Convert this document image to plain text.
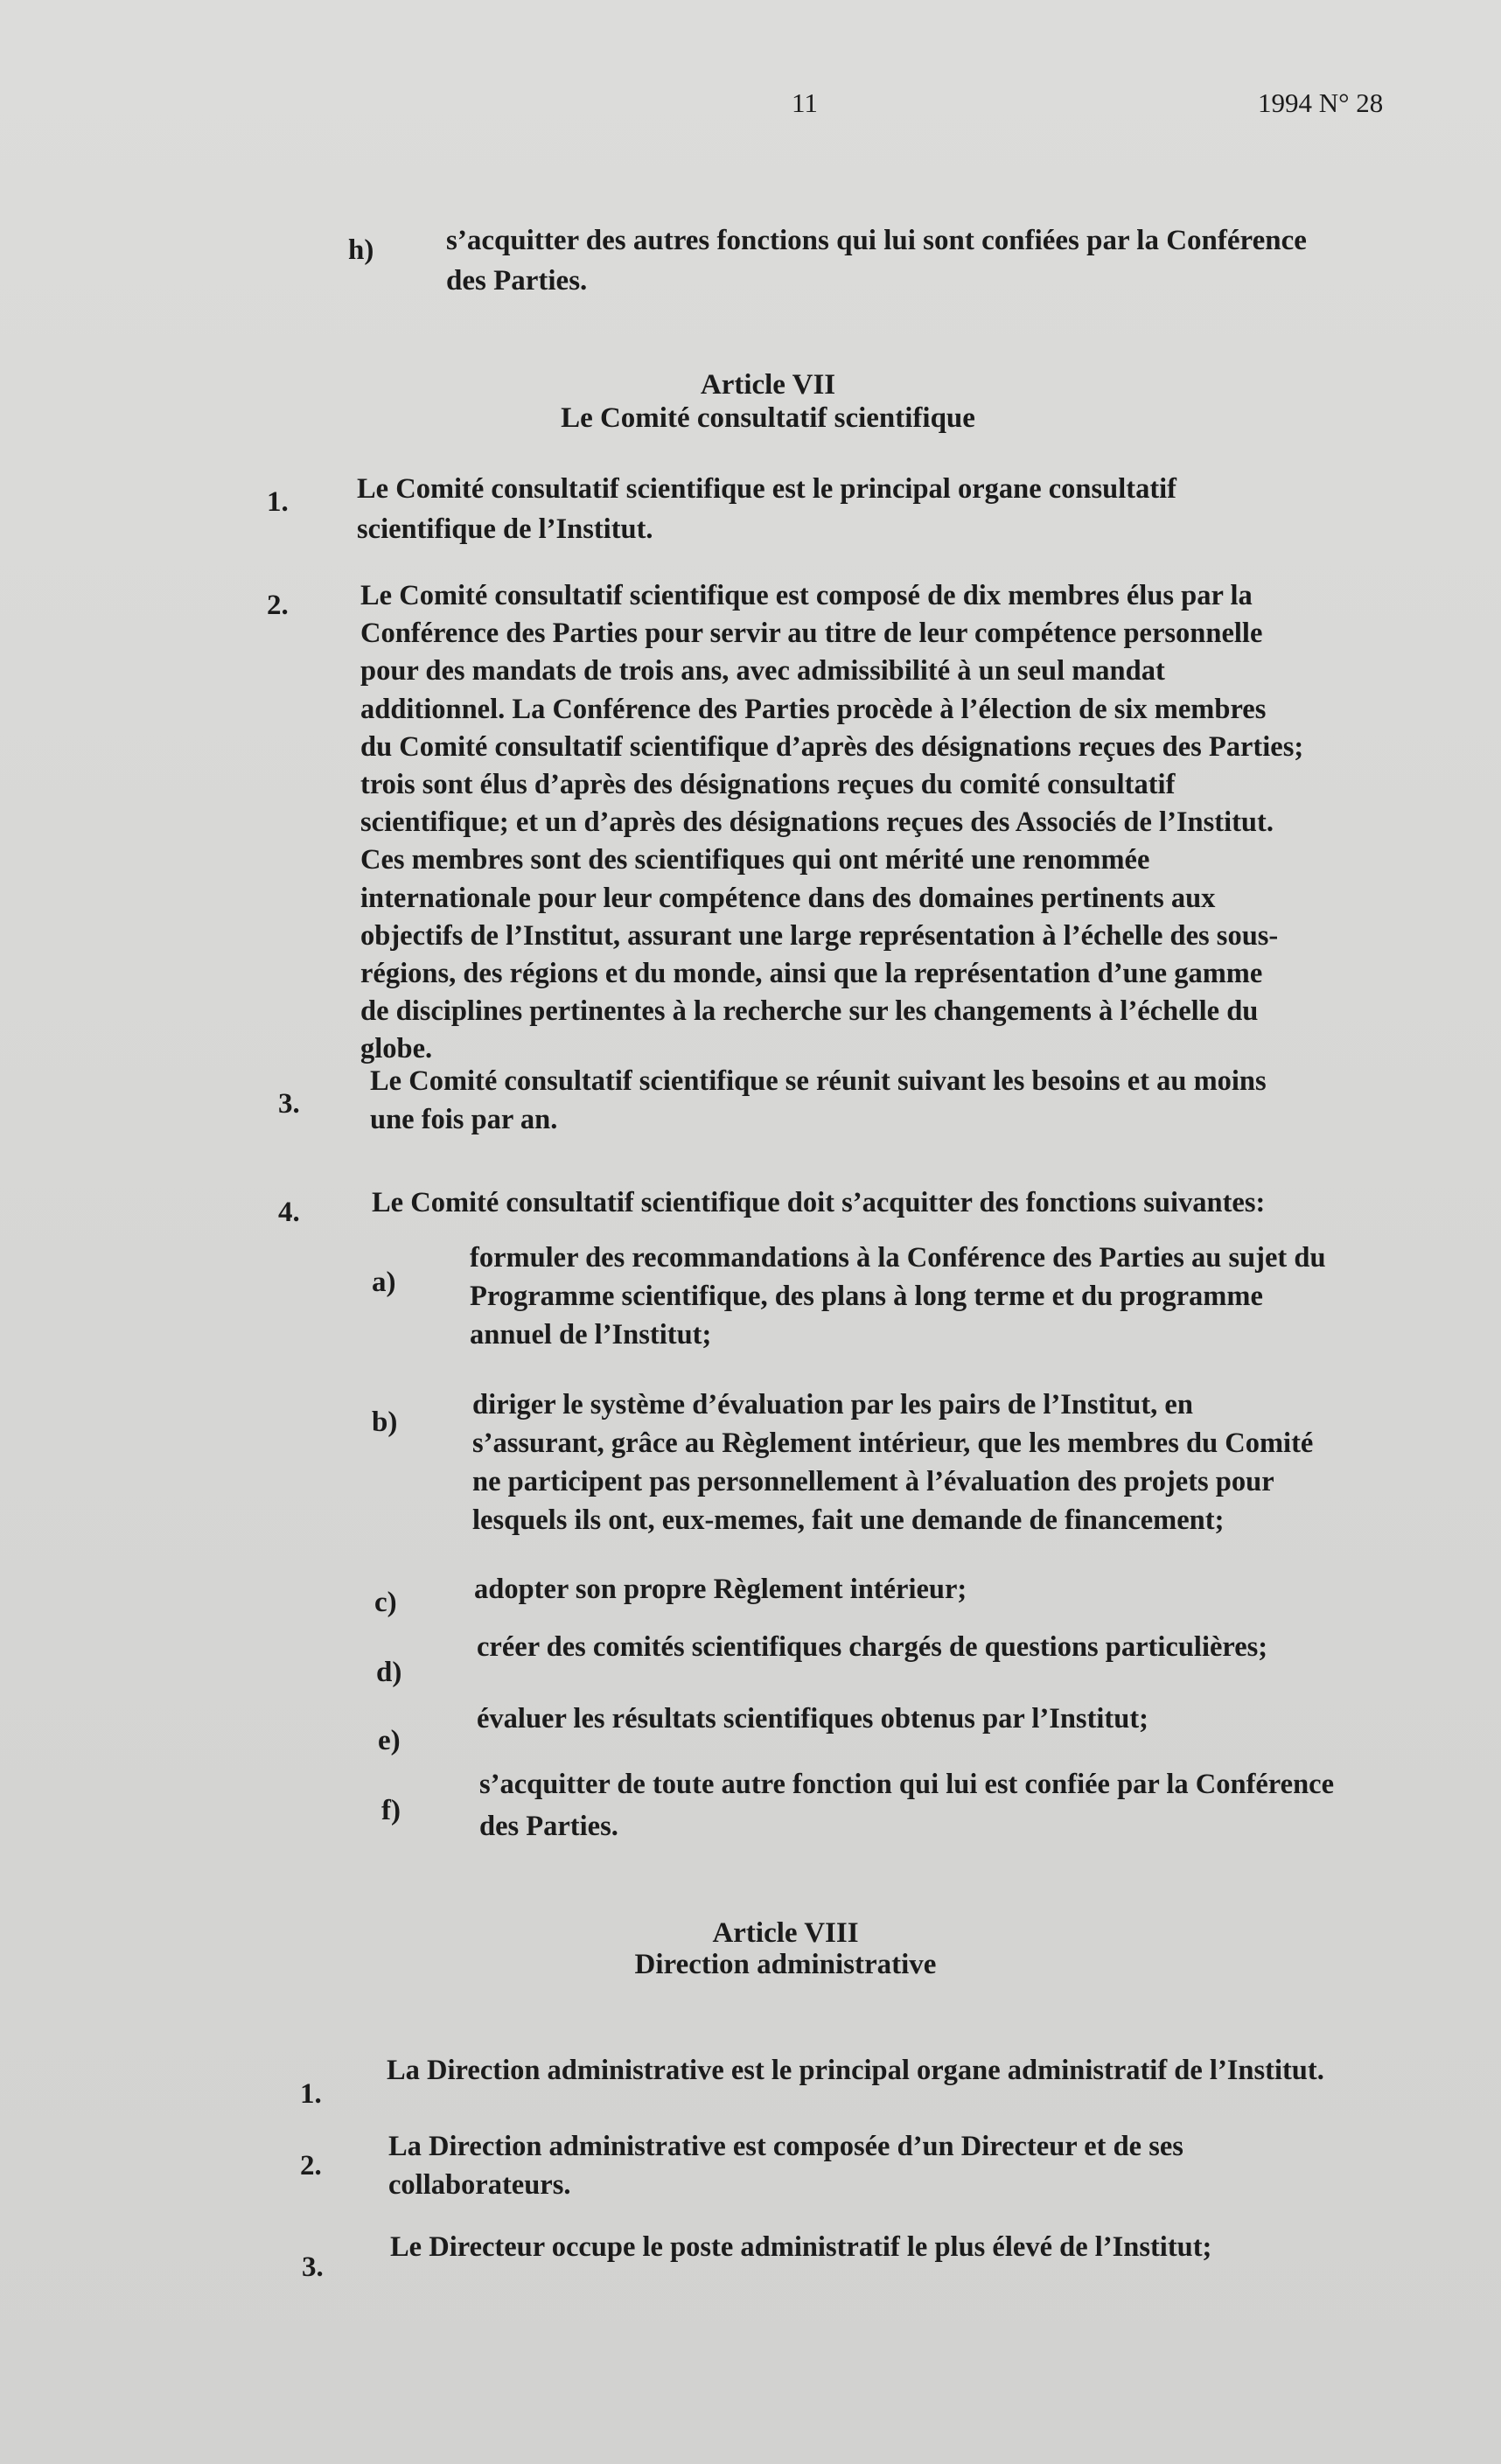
11	1994 N° 28
h)	s’acquitter des autres fonctions qui lui sont confiées par la Conférence
des Parties.
Article VII
Le Comité consultatif scientifique
1. Le Comité consultatif scientifique est le principal organe consultatif
scientifique de l’Institut.
2.	Le Comité consultatif scientifique est composé de dix membres élus par la
Conférence des Parties pour servir au titre de leur compétence personnelle
pour des mandats de trois ans, avec admissibilité à un seul mandat
additionnel. La Conférence des Parties procède à l’élection de six membres
du Comité consultatif scientifique d’après des désignations reçues des Parties;
trois sont élus d’après des désignations reçues du comité consultatif
scientifique; et un d’après des désignations reçues des Associés de l’Institut.
Ces membres sont des scientifiques qui ont mérité une renommée
internationale pour leur compétence dans des domaines pertinents aux
objectifs de l’Institut, assurant une large représentation à l’échelle des sous-
régions, des régions et du monde, ainsi que la représentation d’une gamme
de disciplines pertinentes à la recherche sur les changements à l’échelle du
globe.
3.
Le Comité consultatif scientifique se réunit suivant les besoins et au moins
une fois par an.
4.	Le Comité consultatif scientifique doit s’acquitter des fonctions suivantes:
a)
formuler des recommandations à la Conférence des Parties au sujet du
Programme scientifique, des plans à long terme et du programme
annuel de l’Institut;
b)
diriger le système d’évaluation par les pairs de l’Institut, en
s’assurant, grâce au Règlement intérieur, que les membres du Comité
ne participent pas personnellement à l’évaluation des projets pour
lesquels ils ont, eux-memes, fait une demande de financement;
c)	adopter son propre Règlement intérieur;
d)
créer des comités scientifiques chargés de questions particulières;
e)
évaluer les résultats scientifiques obtenus par l’Institut;
f)
s’acquitter de toute autre fonction qui lui est confiée par la Conférence
des Parties.
Article VIII
Direction administrative
1.
La Direction administrative est le principal organe administratif de l’Institut.
2.
La Direction administrative est composée d’un Directeur et de ses
collaborateurs.
3.
Le Directeur occupe le poste administratif le plus élevé de l’Institut;
